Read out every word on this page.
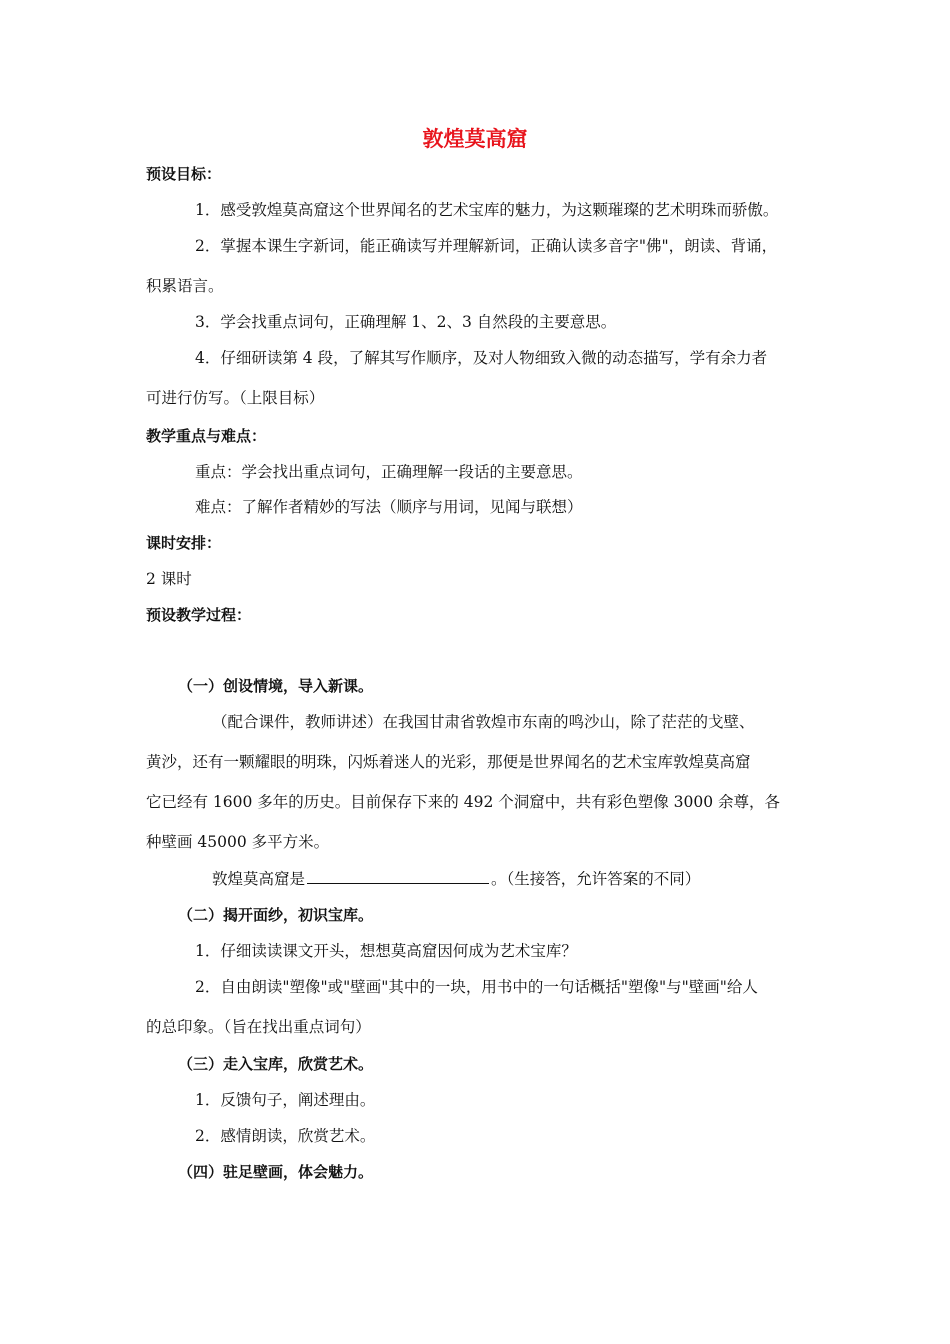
敦煌莫高窟
预设目标：
1．感受敦煌莫高窟这个世界闻名的艺术宝库的魅力，为这颗璀璨的艺术明珠而骄傲。
2．掌握本课生字新词，能正确读写并理解新词，正确认读多音字"佛"，朗读、背诵，
积累语言。
3．学会找重点词句，正确理解 1、2、3 自然段的主要意思。
4．仔细研读第 4 段，了解其写作顺序，及对人物细致入微的动态描写，学有余力者
可进行仿写。（上限目标）
教学重点与难点：
重点：学会找出重点词句，正确理解一段话的主要意思。
难点：了解作者精妙的写法（顺序与用词，见闻与联想）
课时安排：
2 课时
预设教学过程：
（一）创设情境，导入新课。
（配合课件，教师讲述）在我国甘肃省敦煌市东南的鸣沙山，除了茫茫的戈壁、
黄沙，还有一颗耀眼的明珠，闪烁着迷人的光彩，那便是世界闻名的艺术宝库敦煌莫高窟
它已经有 1600 多年的历史。目前保存下来的 492 个洞窟中，共有彩色塑像 3000 余尊，各
种壁画 45000 多平方米。
敦煌莫高窟是	。（生接答，允许答案的不同）
（二）揭开面纱，初识宝库。
1．仔细读读课文开头，想想莫高窟因何成为艺术宝库？
2．自由朗读"塑像"或"壁画"其中的一块，用书中的一句话概括"塑像"与"壁画"给人
的总印象。（旨在找出重点词句）
（三）走入宝库，欣赏艺术。
1．反馈句子，阐述理由。
2．感情朗读，欣赏艺术。
（四）驻足壁画，体会魅力。
